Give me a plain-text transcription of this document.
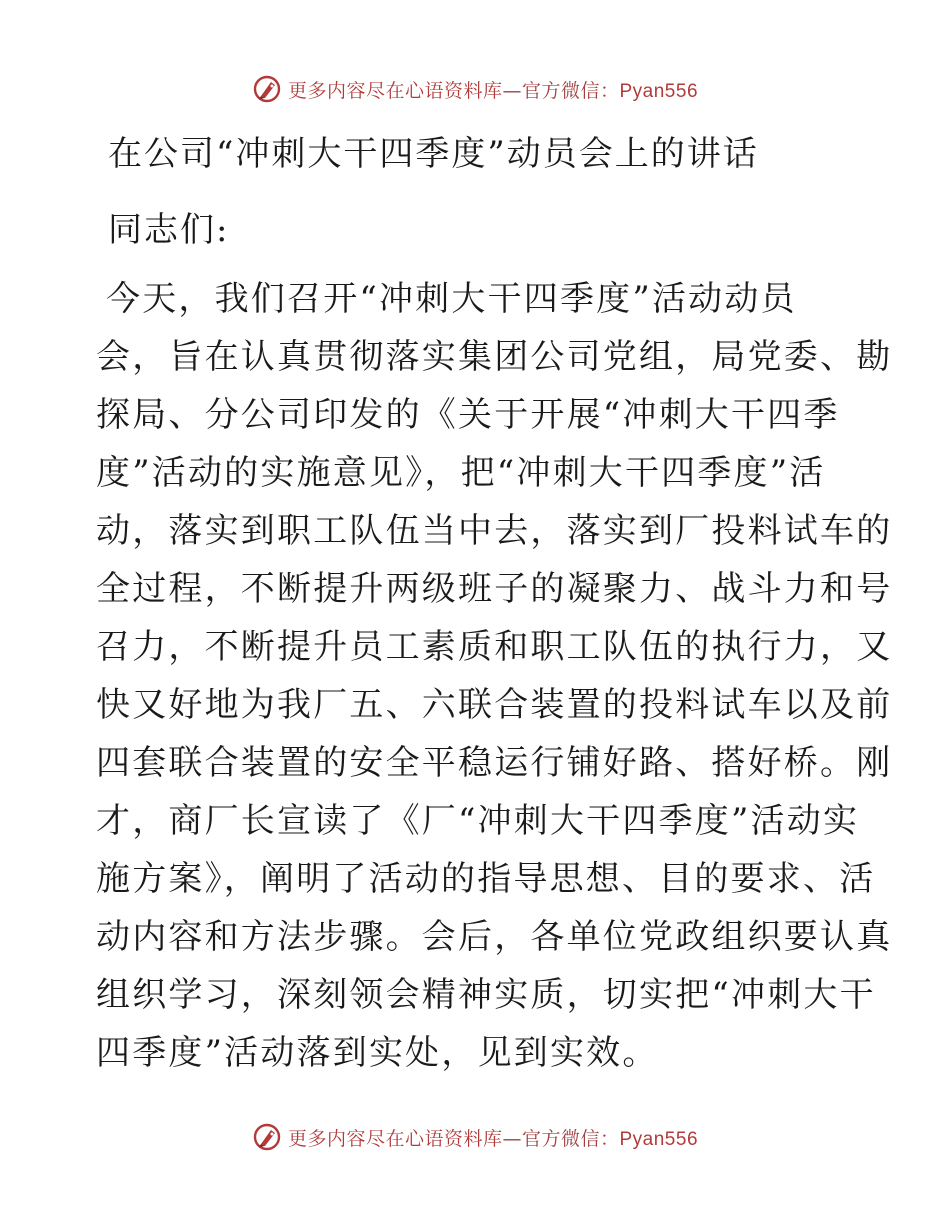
更多内容尽在心语资料库—官方微信：Pyan556
在公司“冲刺大干四季度”动员会上的讲话
同志们:
今天，我们召开“冲刺大干四季度”活动动员
会，旨在认真贯彻落实集团公司党组，局党委、勘
探局、分公司印发的《关于开展“冲刺大干四季
度”活动的实施意见》，把“冲刺大干四季度”活
动，落实到职工队伍当中去，落实到厂投料试车的
全过程，不断提升两级班子的凝聚力、战斗力和号
召力，不断提升员工素质和职工队伍的执行力，又
快又好地为我厂五、六联合装置的投料试车以及前
四套联合装置的安全平稳运行铺好路、搭好桥。刚
才，商厂长宣读了《厂“冲刺大干四季度”活动实
施方案》，阐明了活动的指导思想、目的要求、活
动内容和方法步骤。会后，各单位党政组织要认真
组织学习，深刻领会精神实质，切实把“冲刺大干
四季度”活动落到实处，见到实效。
更多内容尽在心语资料库—官方微信：Pyan556
